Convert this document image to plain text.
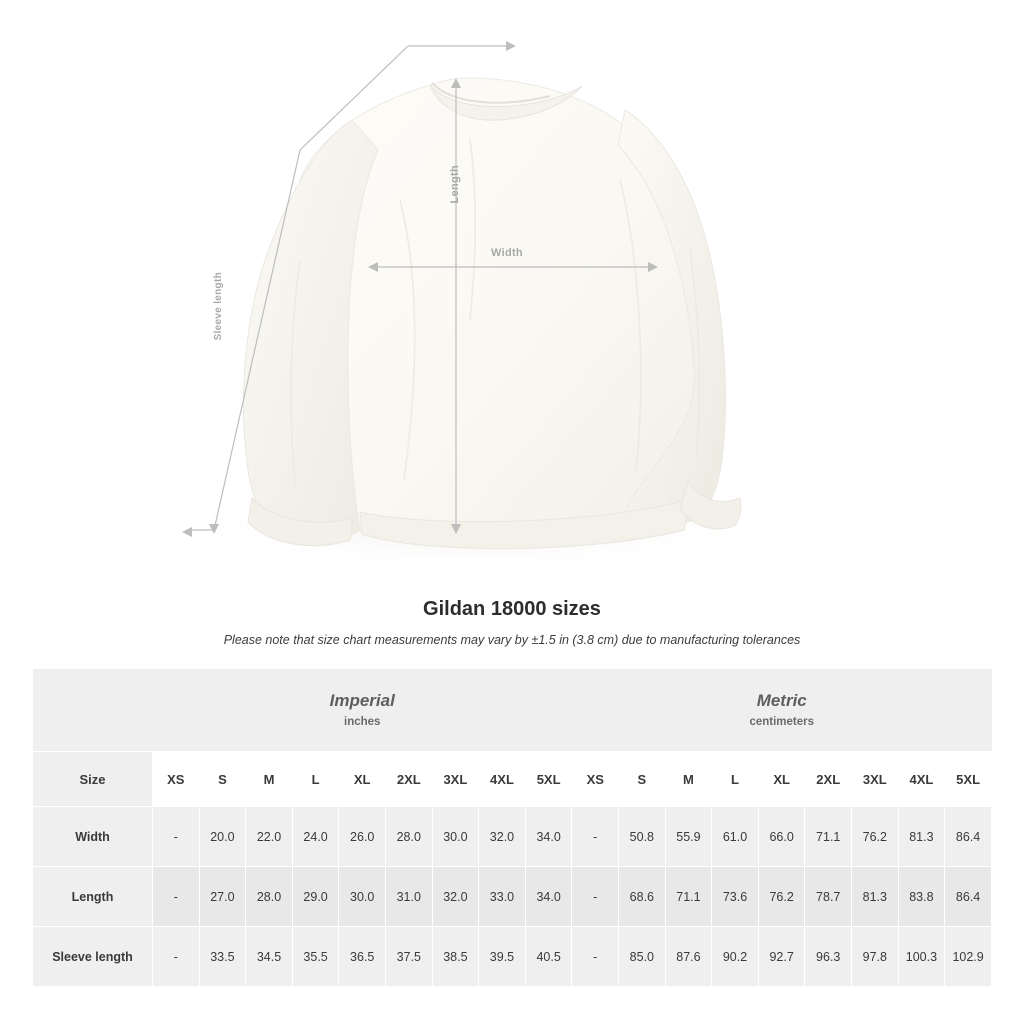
Length
Width
Sleeve length
Gildan 18000 sizes

Please note that size chart measurements may vary by ±1.5 in (3.8 cm) due to manufacturing tolerances

	Imperial
inches									Metric
centimeters								

Size	XS	S	M	L	XL	2XL	3XL	4XL	5XL	XS	S	M	L	XL	2XL	3XL	4XL	5XL
Width	-	20.0	22.0	24.0	26.0	28.0	30.0	32.0	34.0	-	50.8	55.9	61.0	66.0	71.1	76.2	81.3	86.4
Length	-	27.0	28.0	29.0	30.0	31.0	32.0	33.0	34.0	-	68.6	71.1	73.6	76.2	78.7	81.3	83.8	86.4
Sleeve length	-	33.5	34.5	35.5	36.5	37.5	38.5	39.5	40.5	-	85.0	87.6	90.2	92.7	96.3	97.8	100.3	102.9
